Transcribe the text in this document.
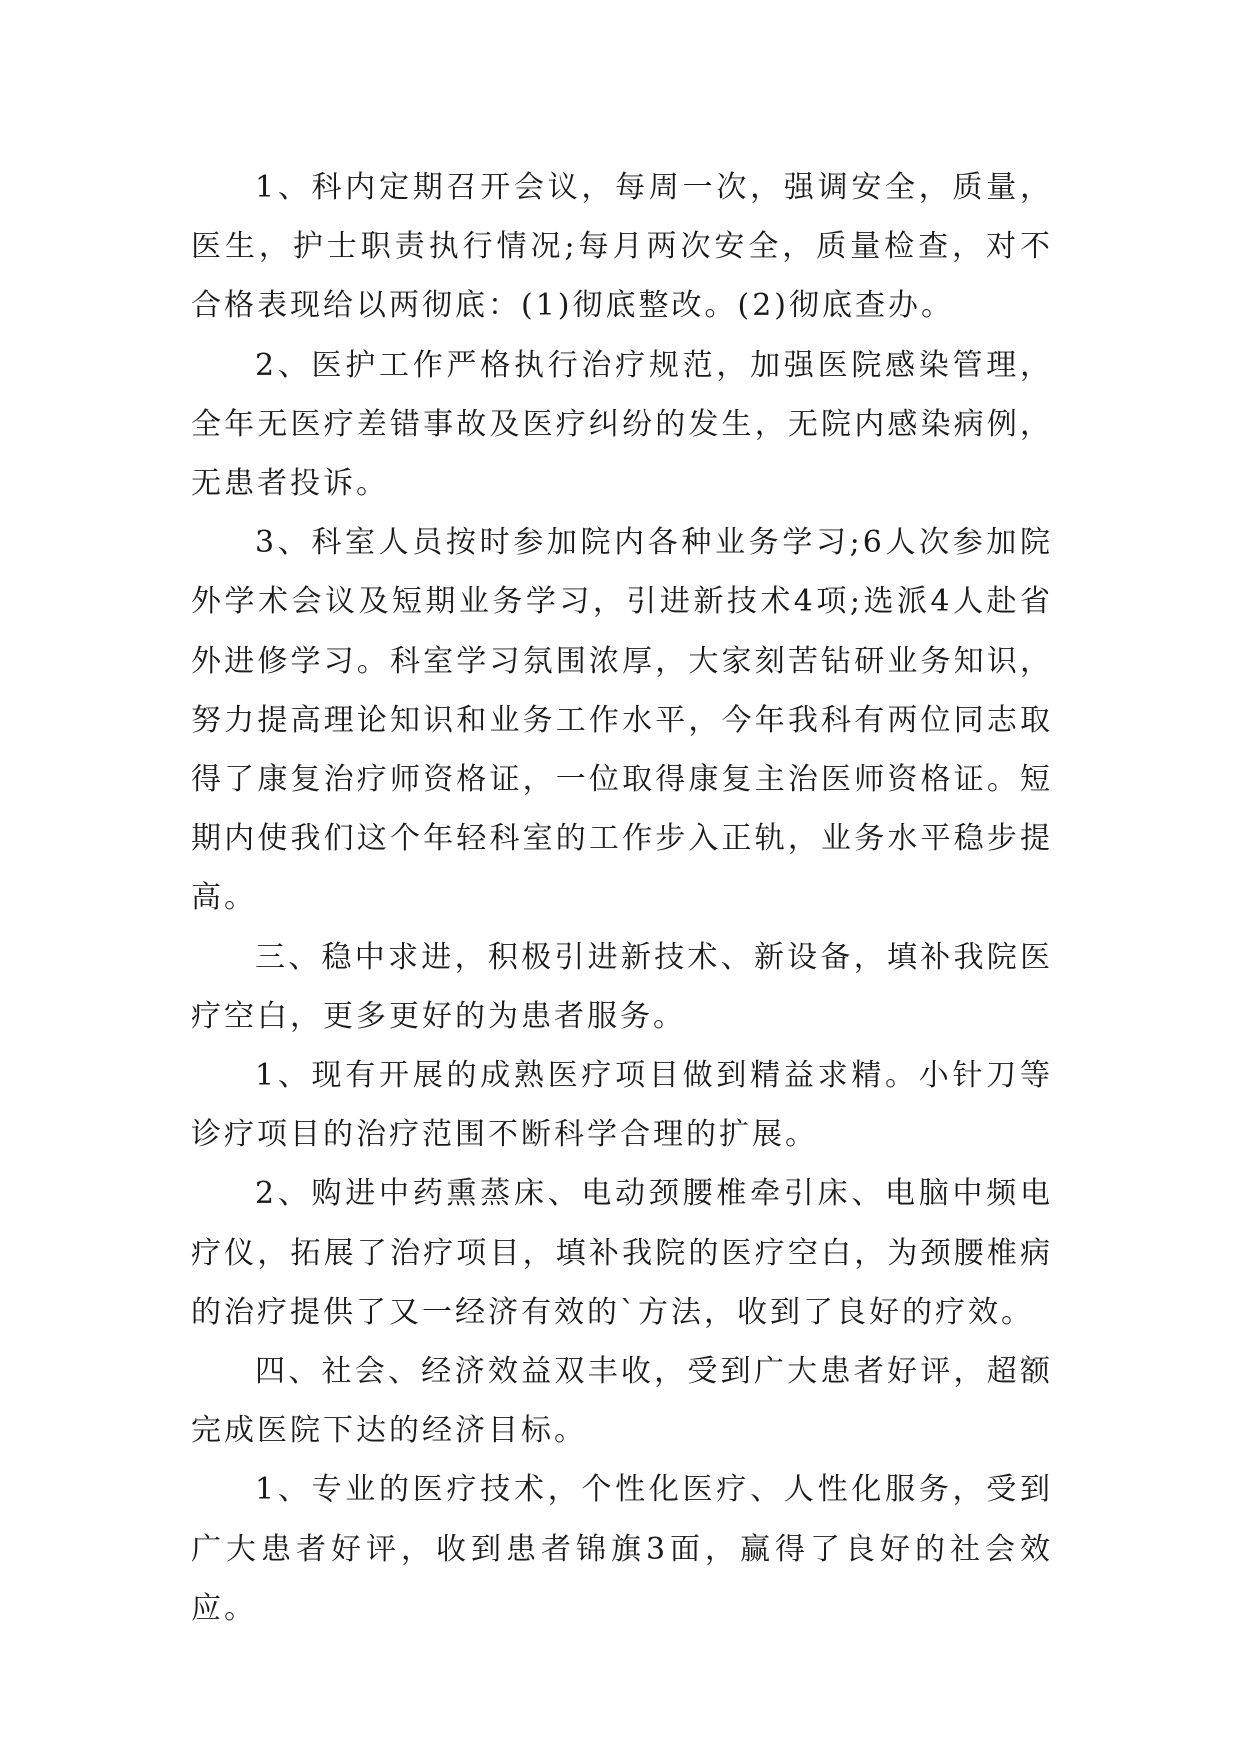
1、科内定期召开会议，每周一次，强调安全，质量，医生，护士职责执行情况;每月两次安全，质量检查，对不合格表现给以两彻底：(1)彻底整改。(2)彻底查办。

2、医护工作严格执行治疗规范，加强医院感染管理，全年无医疗差错事故及医疗纠纷的发生，无院内感染病例，无患者投诉。

3、科室人员按时参加院内各种业务学习;6人次参加院外学术会议及短期业务学习，引进新技术4项;选派4人赴省外进修学习。科室学习氛围浓厚，大家刻苦钻研业务知识，努力提高理论知识和业务工作水平，今年我科有两位同志取得了康复治疗师资格证，一位取得康复主治医师资格证。短期内使我们这个年轻科室的工作步入正轨，业务水平稳步提高。

三、稳中求进，积极引进新技术、新设备，填补我院医疗空白，更多更好的为患者服务。

1、现有开展的成熟医疗项目做到精益求精。小针刀等诊疗项目的治疗范围不断科学合理的扩展。

2、购进中药熏蒸床、电动颈腰椎牵引床、电脑中频电疗仪，拓展了治疗项目，填补我院的医疗空白，为颈腰椎病的治疗提供了又一经济有效的`方法，收到了良好的疗效。

四、社会、经济效益双丰收，受到广大患者好评，超额完成医院下达的经济目标。

1、专业的医疗技术，个性化医疗、人性化服务，受到广大患者好评，收到患者锦旗3面，赢得了良好的社会效应。
